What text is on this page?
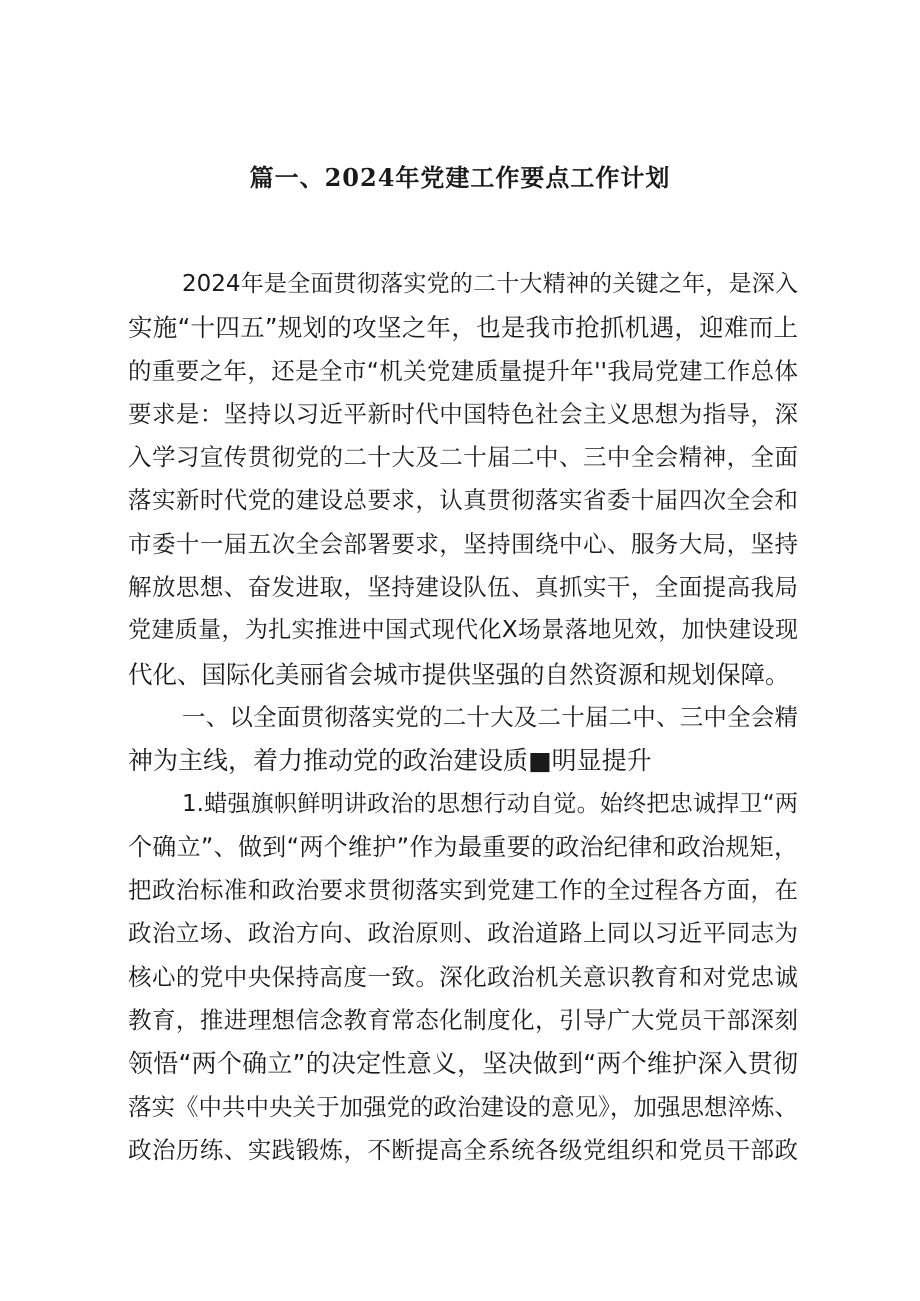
篇一、2024年党建工作要点工作计划
2024年是全面贯彻落实党的二十大精神的关键之年，是深入
实施“十四五”规划的攻坚之年，也是我市抢抓机遇，迎难而上
的重要之年，还是全市“机关党建质量提升年''我局党建工作总体
要求是：坚持以习近平新时代中国特色社会主义思想为指导，深
入学习宣传贯彻党的二十大及二十届二中、三中全会精神，全面
落实新时代党的建设总要求，认真贯彻落实省委十届四次全会和
市委十一届五次全会部署要求，坚持围绕中心、服务大局，坚持
解放思想、奋发进取，坚持建设队伍、真抓实干，全面提高我局
党建质量，为扎实推进中国式现代化X场景落地见效，加快建设现
代化、国际化美丽省会城市提供坚强的自然资源和规划保障。
一、以全面贯彻落实党的二十大及二十届二中、三中全会精
神为主线，着力推动党的政治建设质■明显提升
1.蜡强旗帜鲜明讲政治的思想行动自觉。始终把忠诚捍卫“两
个确立”、做到“两个维护”作为最重要的政治纪律和政治规矩，
把政治标准和政治要求贯彻落实到党建工作的全过程各方面，在
政治立场、政治方向、政治原则、政治道路上同以习近平同志为
核心的党中央保持高度一致。深化政治机关意识教育和对党忠诚
教育，推进理想信念教育常态化制度化，引导广大党员干部深刻
领悟“两个确立”的决定性意义，坚决做到“两个维护深入贯彻
落实《中共中央关于加强党的政治建设的意见》，加强思想淬炼、
政治历练、实践锻炼，不断提高全系统各级党组织和党员干部政
